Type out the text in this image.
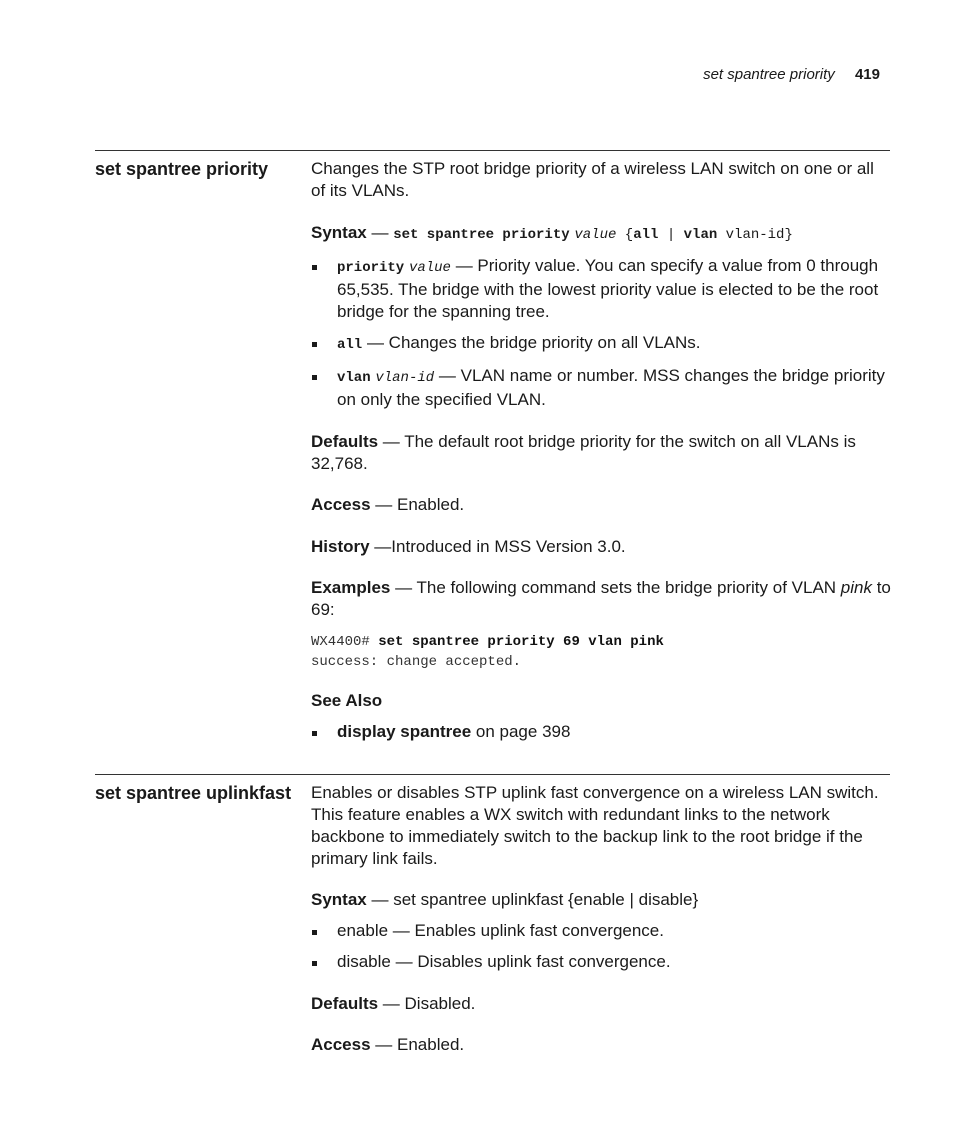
set spantree priority 419
set spantree priority	Changes the STP root bridge priority of a wireless LAN switch on one or all of its VLANs.

Syntax — set spantree priority value {all | vlan vlan-id}

priority value — Priority value. You can specify a value from 0 through 65,535. The bridge with the lowest priority value is elected to be the root bridge for the spanning tree.
all — Changes the bridge priority on all VLANs.
vlan vlan-id — VLAN name or number. MSS changes the bridge priority on only the specified VLAN.

Defaults — The default root bridge priority for the switch on all VLANs is 32,768.

Access — Enabled.

History —Introduced in MSS Version 3.0.

Examples — The following command sets the bridge priority of VLAN pink to 69:

WX4400# set spantree priority 69 vlan pink
success: change accepted.

See Also

display spantree on page 398
set spantree uplinkfast Enables or disables STP uplink fast convergence on a wireless LAN switch. This feature enables a WX switch with redundant links to the network backbone to immediately switch to the backup link to the root bridge if the primary link fails.

Syntax — set spantree uplinkfast {enable | disable}

enable — Enables uplink fast convergence.
disable — Disables uplink fast convergence.

Defaults — Disabled.

Access — Enabled.
